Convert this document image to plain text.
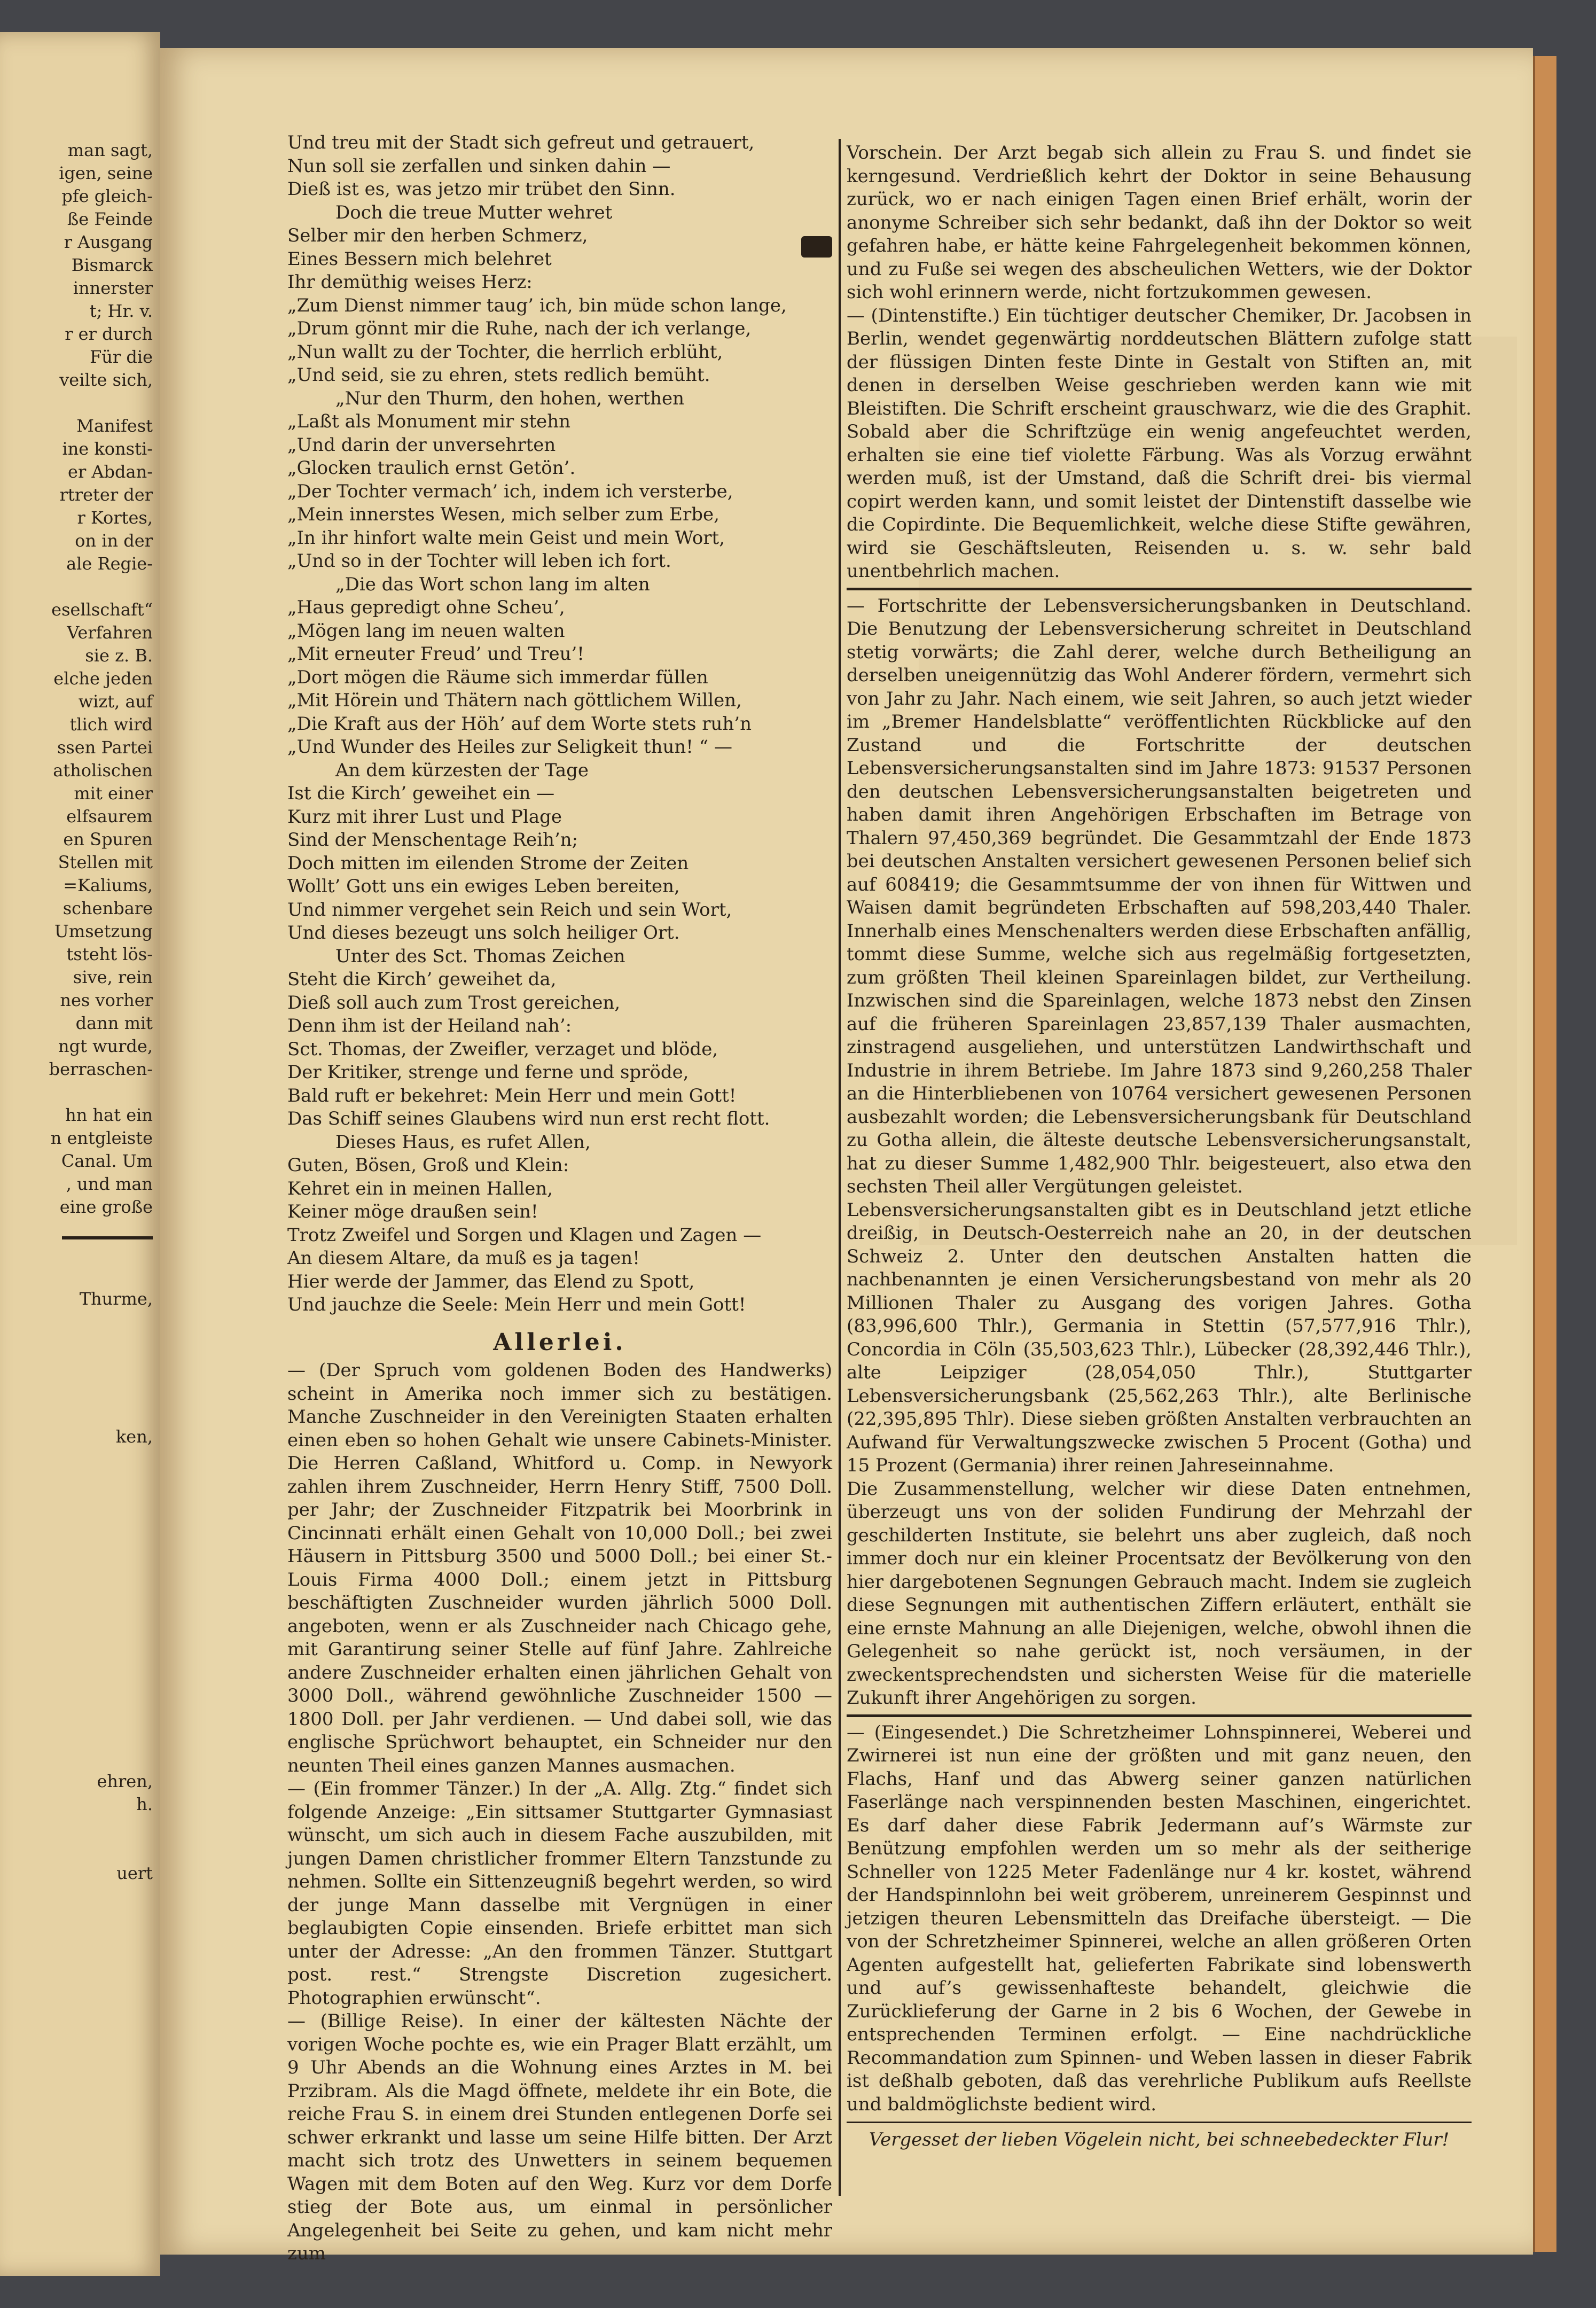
man sagt,
igen, seine
pfe gleich-
ße Feinde
r Ausgang
Bismarck
innerster
t; Hr. v.
r er durch
Für die
veilte sich,
Manifest
ine konsti-
er Abdan-
rtreter der
r Kortes,
on in der
ale Regie-
esellschaft“
Verfahren
sie z. B.
elche jeden
wizt, auf
tlich wird
ssen Partei
atholischen
mit einer
elfsaurem
en Spuren
Stellen mit
=Kaliums,
schenbare
Umsetzung
tsteht lös-
sive, rein
nes vorher
dann mit
ngt wurde,
berraschen-
hn hat ein
n entgleiste
Canal. Um
, und man
eine große
Thurme,
ken,
ehren,
h.
uert

Und treu mit der Stadt sich gefreut und getrauert,

Nun soll sie zerfallen und sinken dahin —

Dieß ist es, was jetzo mir trübet den Sinn.

Doch die treue Mutter wehret

Selber mir den herben Schmerz,

Eines Bessern mich belehret

Ihr demüthig weises Herz:

„Zum Dienst nimmer taug’ ich, bin müde schon lange,

„Drum gönnt mir die Ruhe, nach der ich verlange,

„Nun wallt zu der Tochter, die herrlich erblüht,

„Und seid, sie zu ehren, stets redlich bemüht.

„Nur den Thurm, den hohen, werthen

„Laßt als Monument mir stehn

„Und darin der unversehrten

„Glocken traulich ernst Getön’.

„Der Tochter vermach’ ich, indem ich versterbe,

„Mein innerstes Wesen, mich selber zum Erbe,

„In ihr hinfort walte mein Geist und mein Wort,

„Und so in der Tochter will leben ich fort.

„Die das Wort schon lang im alten

„Haus gepredigt ohne Scheu’,

„Mögen lang im neuen walten

„Mit erneuter Freud’ und Treu’!

„Dort mögen die Räume sich immerdar füllen

„Mit Hörein und Thätern nach göttlichem Willen,

„Die Kraft aus der Höh’ auf dem Worte stets ruh’n

„Und Wunder des Heiles zur Seligkeit thun! “ —

An dem kürzesten der Tage

Ist die Kirch’ geweihet ein —

Kurz mit ihrer Lust und Plage

Sind der Menschentage Reih’n;

Doch mitten im eilenden Strome der Zeiten

Wollt’ Gott uns ein ewiges Leben bereiten,

Und nimmer vergehet sein Reich und sein Wort,

Und dieses bezeugt uns solch heiliger Ort.

Unter des Sct. Thomas Zeichen

Steht die Kirch’ geweihet da,

Dieß soll auch zum Trost gereichen,

Denn ihm ist der Heiland nah’:

Sct. Thomas, der Zweifler, verzaget und blöde,

Der Kritiker, strenge und ferne und spröde,

Bald ruft er bekehret: Mein Herr und mein Gott!

Das Schiff seines Glaubens wird nun erst recht flott.

Dieses Haus, es rufet Allen,

Guten, Bösen, Groß und Klein:

Kehret ein in meinen Hallen,

Keiner möge draußen sein!

Trotz Zweifel und Sorgen und Klagen und Zagen —

An diesem Altare, da muß es ja tagen!

Hier werde der Jammer, das Elend zu Spott,

Und jauchze die Seele: Mein Herr und mein Gott!

Allerlei.

— (Der Spruch vom goldenen Boden des Handwerks) scheint in Amerika noch immer sich zu bestätigen. Manche Zuschneider in den Vereinigten Staaten erhalten einen eben so hohen Gehalt wie unsere Cabinets-Minister. Die Herren Caßland, Whitford u. Comp. in Newyork zahlen ihrem Zuschneider, Herrn Henry Stiff, 7500 Doll. per Jahr; der Zuschneider Fitzpatrik bei Moorbrink in Cincinnati erhält einen Gehalt von 10,000 Doll.; bei zwei Häusern in Pittsburg 3500 und 5000 Doll.; bei einer St.-Louis Firma 4000 Doll.; einem jetzt in Pittsburg beschäftigten Zuschneider wurden jährlich 5000 Doll. angeboten, wenn er als Zuschneider nach Chicago gehe, mit Garantirung seiner Stelle auf fünf Jahre. Zahlreiche andere Zuschneider erhalten einen jährlichen Gehalt von 3000 Doll., während gewöhnliche Zuschneider 1500 — 1800 Doll. per Jahr verdienen. — Und dabei soll, wie das englische Sprüchwort behauptet, ein Schneider nur den neunten Theil eines ganzen Mannes ausmachen.

— (Ein frommer Tänzer.) In der „A. Allg. Ztg.“ findet sich folgende Anzeige: „Ein sittsamer Stuttgarter Gymnasiast wünscht, um sich auch in diesem Fache auszubilden, mit jungen Damen christlicher frommer Eltern Tanzstunde zu nehmen. Sollte ein Sittenzeugniß begehrt werden, so wird der junge Mann dasselbe mit Vergnügen in einer beglaubigten Copie einsenden. Briefe erbittet man sich unter der Adresse: „An den frommen Tänzer. Stuttgart post. rest.“ Strengste Discretion zugesichert. Photographien erwünscht“.

— (Billige Reise). In einer der kältesten Nächte der vorigen Woche pochte es, wie ein Prager Blatt erzählt, um 9 Uhr Abends an die Wohnung eines Arztes in M. bei Przibram. Als die Magd öffnete, meldete ihr ein Bote, die reiche Frau S. in einem drei Stunden entlegenen Dorfe sei schwer erkrankt und lasse um seine Hilfe bitten. Der Arzt macht sich trotz des Unwetters in seinem bequemen Wagen mit dem Boten auf den Weg. Kurz vor dem Dorfe stieg der Bote aus, um einmal in persönlicher Angelegenheit bei Seite zu gehen, und kam nicht mehr zum

Vorschein. Der Arzt begab sich allein zu Frau S. und findet sie kerngesund. Verdrießlich kehrt der Doktor in seine Behausung zurück, wo er nach einigen Tagen einen Brief erhält, worin der anonyme Schreiber sich sehr bedankt, daß ihn der Doktor so weit gefahren habe, er hätte keine Fahrgelegenheit bekommen können, und zu Fuße sei wegen des abscheulichen Wetters, wie der Doktor sich wohl erinnern werde, nicht fortzukommen gewesen.

— (Dintenstifte.) Ein tüchtiger deutscher Chemiker, Dr. Jacobsen in Berlin, wendet gegenwärtig norddeutschen Blättern zufolge statt der flüssigen Dinten feste Dinte in Gestalt von Stiften an, mit denen in derselben Weise geschrieben werden kann wie mit Bleistiften. Die Schrift erscheint grauschwarz, wie die des Graphit. Sobald aber die Schriftzüge ein wenig angefeuchtet werden, erhalten sie eine tief violette Färbung. Was als Vorzug erwähnt werden muß, ist der Umstand, daß die Schrift drei- bis viermal copirt werden kann, und somit leistet der Dintenstift dasselbe wie die Copirdinte. Die Bequemlichkeit, welche diese Stifte gewähren, wird sie Geschäftsleuten, Reisenden u. s. w. sehr bald unentbehrlich machen.

— Fortschritte der Lebensversicherungsbanken in Deutschland. Die Benutzung der Lebensversicherung schreitet in Deutschland stetig vorwärts; die Zahl derer, welche durch Betheiligung an derselben uneigennützig das Wohl Anderer fördern, vermehrt sich von Jahr zu Jahr. Nach einem, wie seit Jahren, so auch jetzt wieder im „Bremer Handelsblatte“ veröffentlichten Rückblicke auf den Zustand und die Fortschritte der deutschen Lebensversicherungsanstalten sind im Jahre 1873: 91537 Personen den deutschen Lebensversicherungsanstalten beigetreten und haben damit ihren Angehörigen Erbschaften im Betrage von Thalern 97,450,369 begründet. Die Gesammtzahl der Ende 1873 bei deutschen Anstalten versichert gewesenen Personen belief sich auf 608419; die Gesammtsumme der von ihnen für Wittwen und Waisen damit begründeten Erbschaften auf 598,203,440 Thaler. Innerhalb eines Menschenalters werden diese Erbschaften anfällig, tommt diese Summe, welche sich aus regelmäßig fortgesetzten, zum größten Theil kleinen Spareinlagen bildet, zur Vertheilung. Inzwischen sind die Spareinlagen, welche 1873 nebst den Zinsen auf die früheren Spareinlagen 23,857,139 Thaler ausmachten, zinstragend ausgeliehen, und unterstützen Landwirthschaft und Industrie in ihrem Betriebe. Im Jahre 1873 sind 9,260,258 Thaler an die Hinterbliebenen von 10764 versichert gewesenen Personen ausbezahlt worden; die Lebensversicherungsbank für Deutschland zu Gotha allein, die älteste deutsche Lebensversicherungsanstalt, hat zu dieser Summe 1,482,900 Thlr. beigesteuert, also etwa den sechsten Theil aller Vergütungen geleistet.

Lebensversicherungsanstalten gibt es in Deutschland jetzt etliche dreißig, in Deutsch-Oesterreich nahe an 20, in der deutschen Schweiz 2. Unter den deutschen Anstalten hatten die nachbenannten je einen Versicherungsbestand von mehr als 20 Millionen Thaler zu Ausgang des vorigen Jahres. Gotha (83,996,600 Thlr.), Germania in Stettin (57,577,916 Thlr.), Concordia in Cöln (35,503,623 Thlr.), Lübecker (28,392,446 Thlr.), alte Leipziger (28,054,050 Thlr.), Stuttgarter Lebensversicherungsbank (25,562,263 Thlr.), alte Berlinische (22,395,895 Thlr). Diese sieben größten Anstalten verbrauchten an Aufwand für Verwaltungszwecke zwischen 5 Procent (Gotha) und 15 Prozent (Germania) ihrer reinen Jahreseinnahme.

Die Zusammenstellung, welcher wir diese Daten entnehmen, überzeugt uns von der soliden Fundirung der Mehrzahl der geschilderten Institute, sie belehrt uns aber zugleich, daß noch immer doch nur ein kleiner Procentsatz der Bevölkerung von den hier dargebotenen Segnungen Gebrauch macht. Indem sie zugleich diese Segnungen mit authentischen Ziffern erläutert, enthält sie eine ernste Mahnung an alle Diejenigen, welche, obwohl ihnen die Gelegenheit so nahe gerückt ist, noch versäumen, in der zweckentsprechendsten und sichersten Weise für die materielle Zukunft ihrer Angehörigen zu sorgen.

— (Eingesendet.) Die Schretzheimer Lohnspinnerei, Weberei und Zwirnerei ist nun eine der größten und mit ganz neuen, den Flachs, Hanf und das Abwerg seiner ganzen natürlichen Faserlänge nach verspinnenden besten Maschinen, eingerichtet. Es darf daher diese Fabrik Jedermann auf’s Wärmste zur Benützung empfohlen werden um so mehr als der seitherige Schneller von 1225 Meter Fadenlänge nur 4 kr. kostet, während der Handspinnlohn bei weit gröberem, unreinerem Gespinnst und jetzigen theuren Lebensmitteln das Dreifache übersteigt. — Die von der Schretzheimer Spinnerei, welche an allen größeren Orten Agenten aufgestellt hat, gelieferten Fabrikate sind lobenswerth und auf’s gewissenhafteste behandelt, gleichwie die Zurücklieferung der Garne in 2 bis 6 Wochen, der Gewebe in entsprechenden Terminen erfolgt. — Eine nachdrückliche Recommandation zum Spinnen- und Weben lassen in dieser Fabrik ist deßhalb geboten, daß das verehrliche Publikum aufs Reellste und baldmöglichste bedient wird.

Vergesset der lieben Vögelein nicht, bei schneebedeckter Flur!
